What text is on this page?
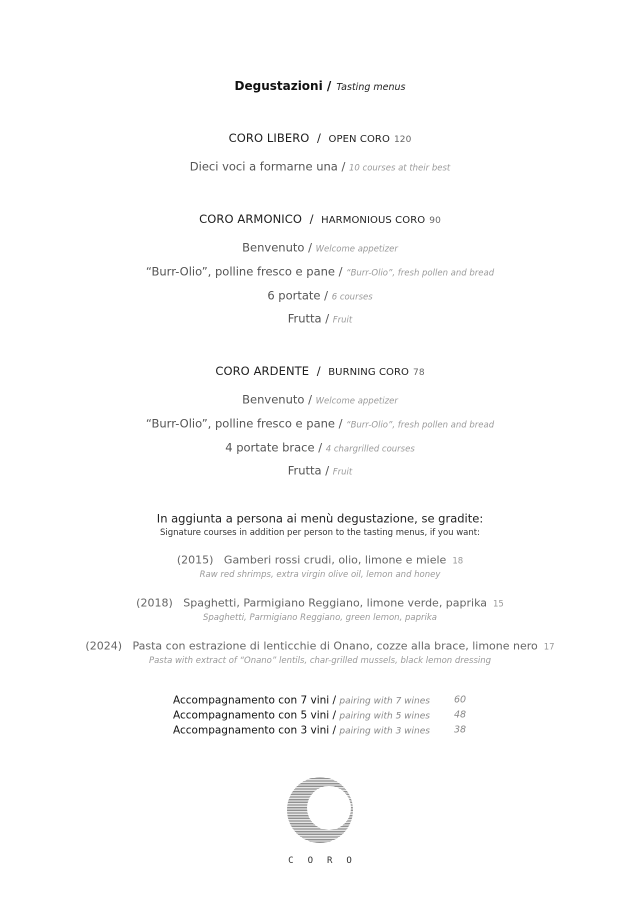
Degustazioni / Tasting menus
CORO LIBERO / OPEN CORO 120
Dieci voci a formarne una / 10 courses at their best
CORO ARMONICO / HARMONIOUS CORO 90
Benvenuto / Welcome appetizer
“Burr-Olio”, polline fresco e pane / “Burr-Olio”, fresh pollen and bread
6 portate / 6 courses
Frutta / Fruit
CORO ARDENTE / BURNING CORO 78
Benvenuto / Welcome appetizer
“Burr-Olio”, polline fresco e pane / “Burr-Olio”, fresh pollen and bread
4 portate brace / 4 chargrilled courses
Frutta / Fruit
In aggiunta a persona ai menù degustazione, se gradite:
Signature courses in addition per person to the tasting menus, if you want:
(2015) Gamberi rossi crudi, olio, limone e miele 18
Raw red shrimps, extra virgin olive oil, lemon and honey
(2018) Spaghetti, Parmigiano Reggiano, limone verde, paprika 15
Spaghetti, Parmigiano Reggiano, green lemon, paprika
(2024) Pasta con estrazione di lenticchie di Onano, cozze alla brace, limone nero 17
Pasta with extract of “Onano” lentils, char-grilled mussels, black lemon dressing
Accompagnamento con 7 vini / pairing with 7 wines	60
Accompagnamento con 5 vini / pairing with 5 wines	48
Accompagnamento con 3 vini / pairing with 3 wines	38
CORO
